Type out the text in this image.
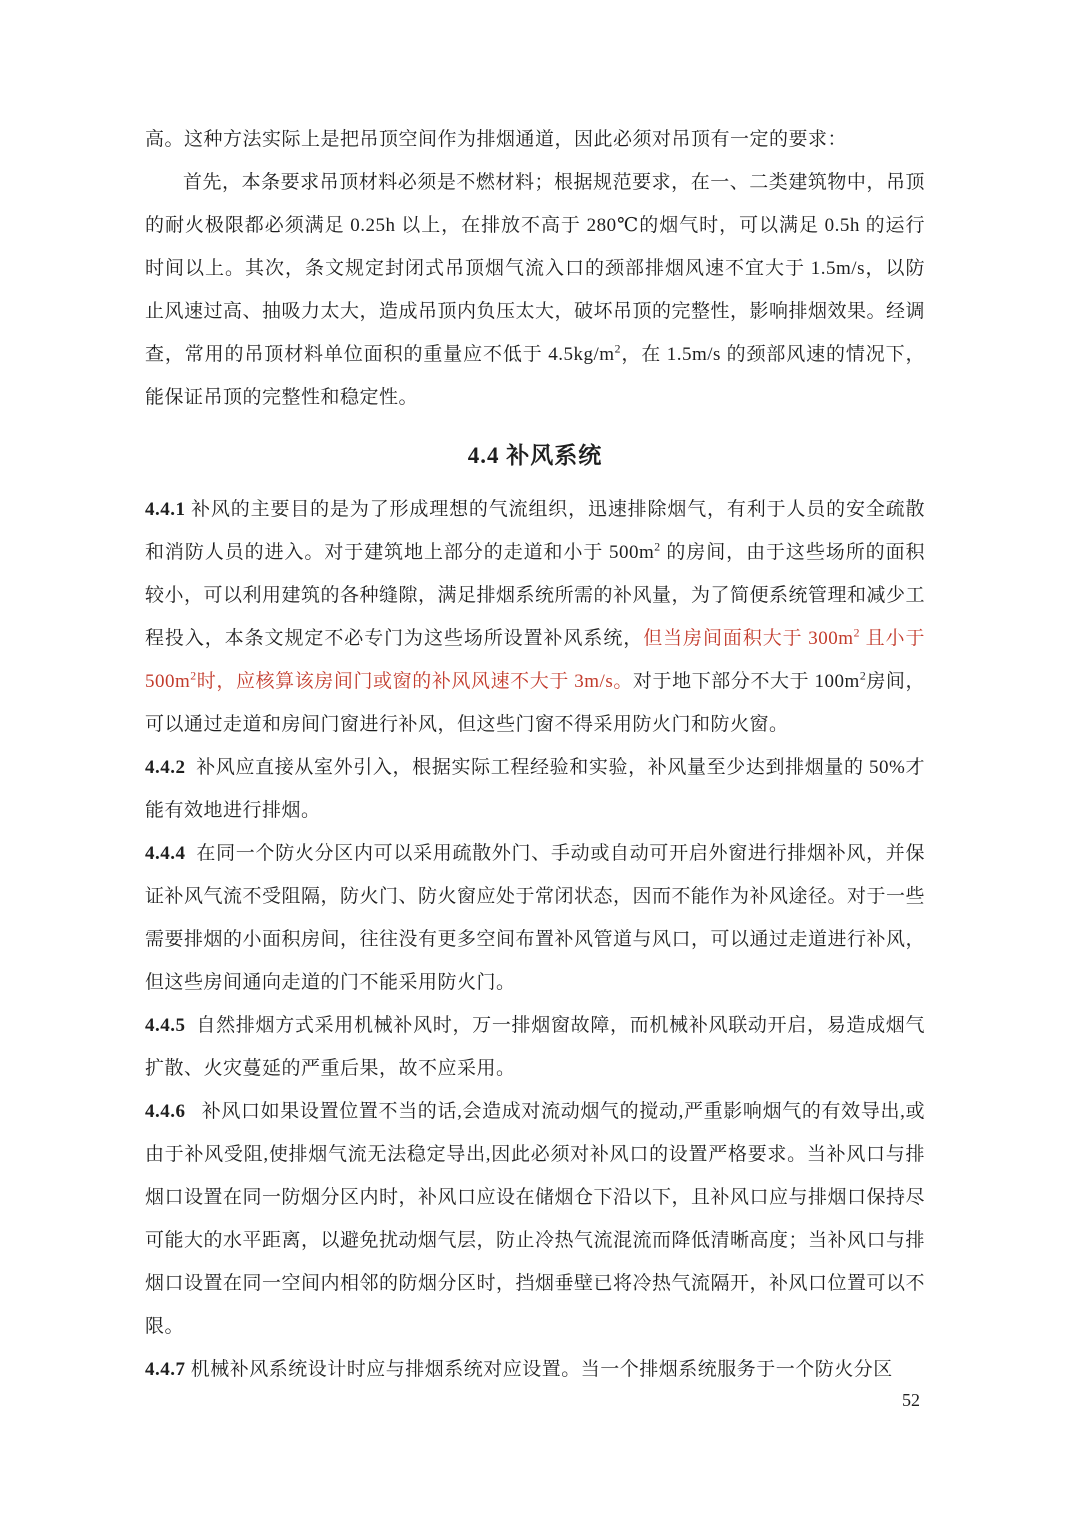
高。这种方法实际上是把吊顶空间作为排烟通道，因此必须对吊顶有一定的要求：

首先，本条要求吊顶材料必须是不燃材料；根据规范要求，在一、二类建筑物中，吊顶的耐火极限都必须满足 0.25h 以上，在排放不高于 280℃的烟气时，可以满足 0.5h 的运行时间以上。其次，条文规定封闭式吊顶烟气流入口的颈部排烟风速不宜大于 1.5m/s，以防止风速过高、抽吸力太大，造成吊顶内负压太大，破坏吊顶的完整性，影响排烟效果。经调查，常用的吊顶材料单位面积的重量应不低于 $4.5kg/m^2$，在 1.5m/s 的颈部风速的情况下，能保证吊顶的完整性和稳定性。

4.4 补风系统

4.4.1 补风的主要目的是为了形成理想的气流组织，迅速排除烟气，有利于人员的安全疏散和消防人员的进入。对于建筑地上部分的走道和小于 $500m^2$ 的房间，由于这些场所的面积较小，可以利用建筑的各种缝隙，满足排烟系统所需的补风量，为了简便系统管理和减少工程投入，本条文规定不必专门为这些场所设置补风系统，但当房间面积大于 $300m^2$ 且小于 $500m^2$时，应核算该房间门或窗的补风风速不大于 3m/s。对于地下部分不大于 $100m^2$房间，可以通过走道和房间门窗进行补风，但这些门窗不得采用防火门和防火窗。

4.4.2  补风应直接从室外引入，根据实际工程经验和实验，补风量至少达到排烟量的 50%才能有效地进行排烟。

4.4.4  在同一个防火分区内可以采用疏散外门、手动或自动可开启外窗进行排烟补风，并保证补风气流不受阻隔，防火门、防火窗应处于常闭状态，因而不能作为补风途径。对于一些需要排烟的小面积房间，往往没有更多空间布置补风管道与风口，可以通过走道进行补风，但这些房间通向走道的门不能采用防火门。

4.4.5  自然排烟方式采用机械补风时，万一排烟窗故障，而机械补风联动开启，易造成烟气扩散、火灾蔓延的严重后果，故不应采用。

4.4.6   补风口如果设置位置不当的话,会造成对流动烟气的搅动,严重影响烟气的有效导出,或由于补风受阻,使排烟气流无法稳定导出,因此必须对补风口的设置严格要求。当补风口与排烟口设置在同一防烟分区内时，补风口应设在储烟仓下沿以下，且补风口应与排烟口保持尽可能大的水平距离，以避免扰动烟气层，防止冷热气流混流而降低清晰高度；当补风口与排烟口设置在同一空间内相邻的防烟分区时，挡烟垂壁已将冷热气流隔开，补风口位置可以不限。

4.4.7 机械补风系统设计时应与排烟系统对应设置。当一个排烟系统服务于一个防火分区

52
